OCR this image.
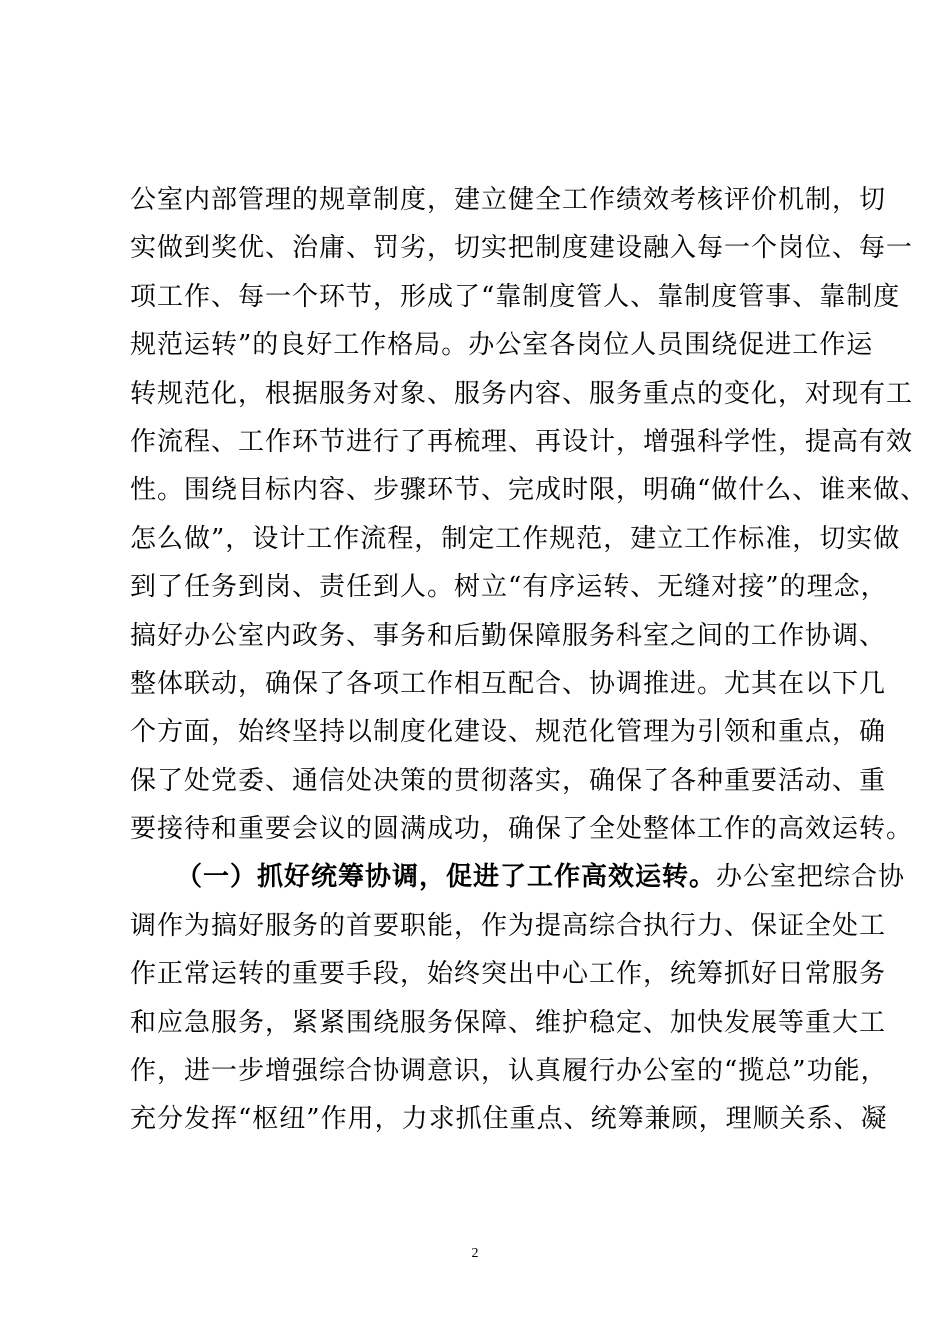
公室内部管理的规章制度，建立健全工作绩效考核评价机制，切
实做到奖优、治庸、罚劣，切实把制度建设融入每一个岗位、每一
项工作、每一个环节，形成了“靠制度管人、靠制度管事、靠制度
规范运转”的良好工作格局。办公室各岗位人员围绕促进工作运
转规范化，根据服务对象、服务内容、服务重点的变化，对现有工
作流程、工作环节进行了再梳理、再设计，增强科学性，提高有效
性。围绕目标内容、步骤环节、完成时限，明确“做什么、谁来做、
怎么做”，设计工作流程，制定工作规范，建立工作标准，切实做
到了任务到岗、责任到人。树立“有序运转、无缝对接”的理念，
搞好办公室内政务、事务和后勤保障服务科室之间的工作协调、
整体联动，确保了各项工作相互配合、协调推进。尤其在以下几
个方面，始终坚持以制度化建设、规范化管理为引领和重点，确
保了处党委、通信处决策的贯彻落实，确保了各种重要活动、重
要接待和重要会议的圆满成功，确保了全处整体工作的高效运转。
（一）抓好统筹协调，促进了工作高效运转。办公室把综合协
调作为搞好服务的首要职能，作为提高综合执行力、保证全处工
作正常运转的重要手段，始终突出中心工作，统筹抓好日常服务
和应急服务，紧紧围绕服务保障、维护稳定、加快发展等重大工
作，进一步增强综合协调意识，认真履行办公室的“揽总”功能，
充分发挥“枢纽”作用，力求抓住重点、统筹兼顾，理顺关系、凝
2
